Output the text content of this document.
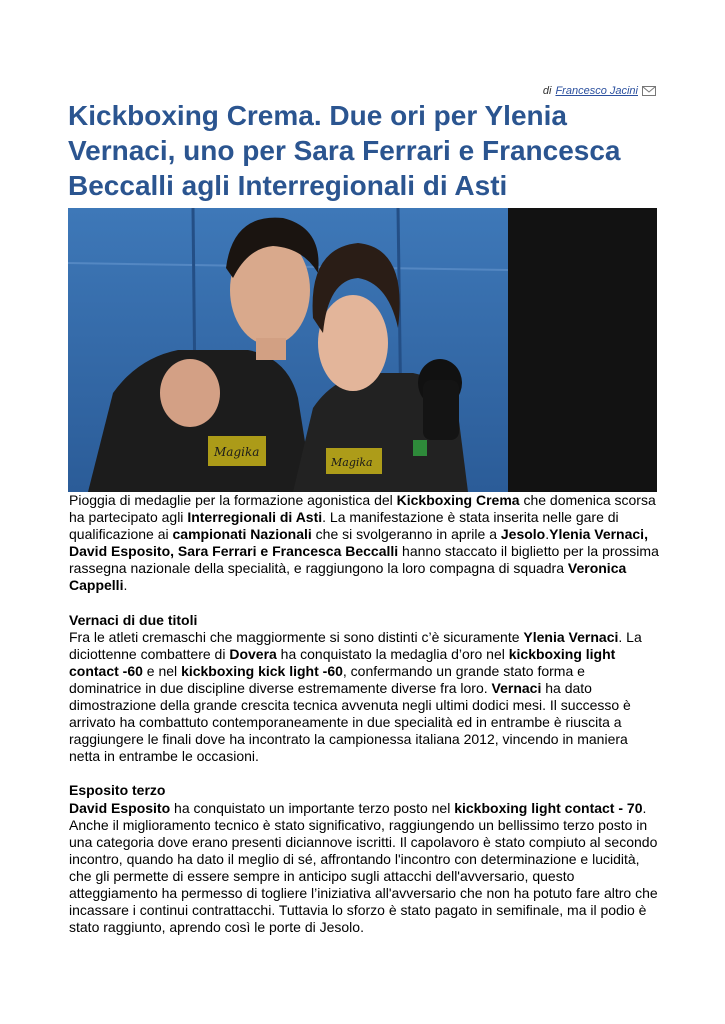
di Francesco Jacini
Kickboxing Crema. Due ori per Ylenia Vernaci, uno per Sara Ferrari e Francesca Beccalli agli Interregionali di Asti
Magika
Magika

Pioggia di medaglie per la formazione agonistica del Kickboxing Crema che domenica scorsa ha partecipato agli Interregionali di Asti. La manifestazione è stata inserita nelle gare di qualificazione ai campionati Nazionali che si svolgeranno in aprile a Jesolo.Ylenia Vernaci, David Esposito, Sara Ferrari e Francesca Beccalli hanno staccato il biglietto per la prossima rassegna nazionale della specialità, e raggiungono la loro compagna di squadra Veronica Cappelli.

Vernaci di due titoli

Fra le atleti cremaschi che maggiormente si sono distinti c’è sicuramente Ylenia Vernaci. La diciottenne combattere di Dovera ha conquistato la medaglia d’oro nel kickboxing light contact -60 e nel kickboxing kick light -60, confermando un grande stato forma e dominatrice in due discipline diverse estremamente diverse fra loro. Vernaci ha dato dimostrazione della grande crescita tecnica avvenuta negli ultimi dodici mesi. Il successo è arrivato ha combattuto contemporaneamente in due specialità ed in entrambe è riuscita a raggiungere le finali dove ha incontrato la campionessa italiana 2012, vincendo in maniera netta in entrambe le occasioni.

Esposito terzo

David Esposito ha conquistato un importante terzo posto nel kickboxing light contact - 70. Anche il miglioramento tecnico è stato significativo, raggiungendo un bellissimo terzo posto in una categoria dove erano presenti diciannove iscritti. Il capolavoro è stato compiuto al secondo incontro, quando ha dato il meglio di sé, affrontando l'incontro con determinazione e lucidità, che gli permette di essere sempre in anticipo sugli attacchi dell'avversario, questo atteggiamento ha permesso di togliere l’iniziativa all'avversario che non ha potuto fare altro che incassare i continui contrattacchi. Tuttavia lo sforzo è stato pagato in semifinale, ma il podio è stato raggiunto, aprendo così le porte di Jesolo.
